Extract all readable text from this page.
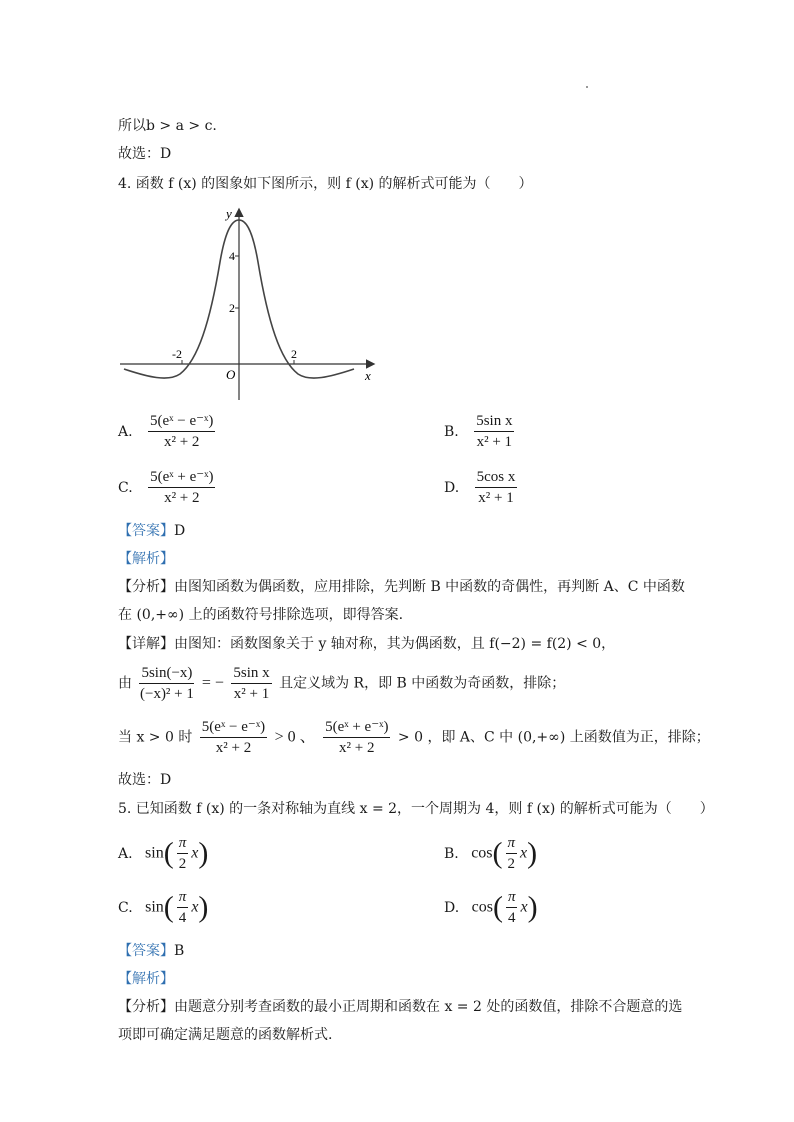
所以b > a > c.
故选：D
4. 函数 f (x) 的图象如下图所示，则 f (x) 的解析式可能为（　　）
y
x
O
4
2
-2	2
A. $\frac{\text{5(eˣ − e⁻ˣ)}}{\text{x² + 2}}$	B. $\frac{\text{5sin x}}{\text{x² + 1}}$
C. $\frac{\text{5(eˣ + e⁻ˣ)}}{\text{x² + 2}}$	D. $\frac{\text{5cos x}}{\text{x² + 1}}$
【答案】D
【解析】
【分析】由图知函数为偶函数，应用排除，先判断 B 中函数的奇偶性，再判断 A、C 中函数
在 (0,+∞) 上的函数符号排除选项，即得答案.
【详解】由图知：函数图象关于 y 轴对称，其为偶函数，且 f(−2) = f(2) < 0，
由 $\frac{5\sin(-x)}{\text{(−x)² + 1}}$ = − $\frac{\text{5sin x}}{\text{x² + 1}}$ 且定义域为 R，即 B 中函数为奇函数，排除；
当 x > 0 时 $\frac{\text{5(eˣ − e⁻ˣ)}}{\text{x² + 2}} > 0$ 、 $\frac{\text{5(eˣ + e⁻ˣ)}}{\text{x² + 2}} > 0$ ，即 A、C 中 (0,+∞) 上函数值为正，排除；
故选：D
5. 已知函数 f (x) 的一条对称轴为直线 x = 2，一个周期为 4，则 f (x) 的解析式可能为（　　）
A. $\sin( \frac{\pi}{2} x)$	B. $\cos( \frac{\pi}{2} x)$
C. $\sin( \frac{\pi}{4} x)$	D. $\cos( \frac{\pi}{4} x)$
【答案】B
【解析】
【分析】由题意分别考查函数的最小正周期和函数在 x = 2 处的函数值，排除不合题意的选
项即可确定满足题意的函数解析式.
